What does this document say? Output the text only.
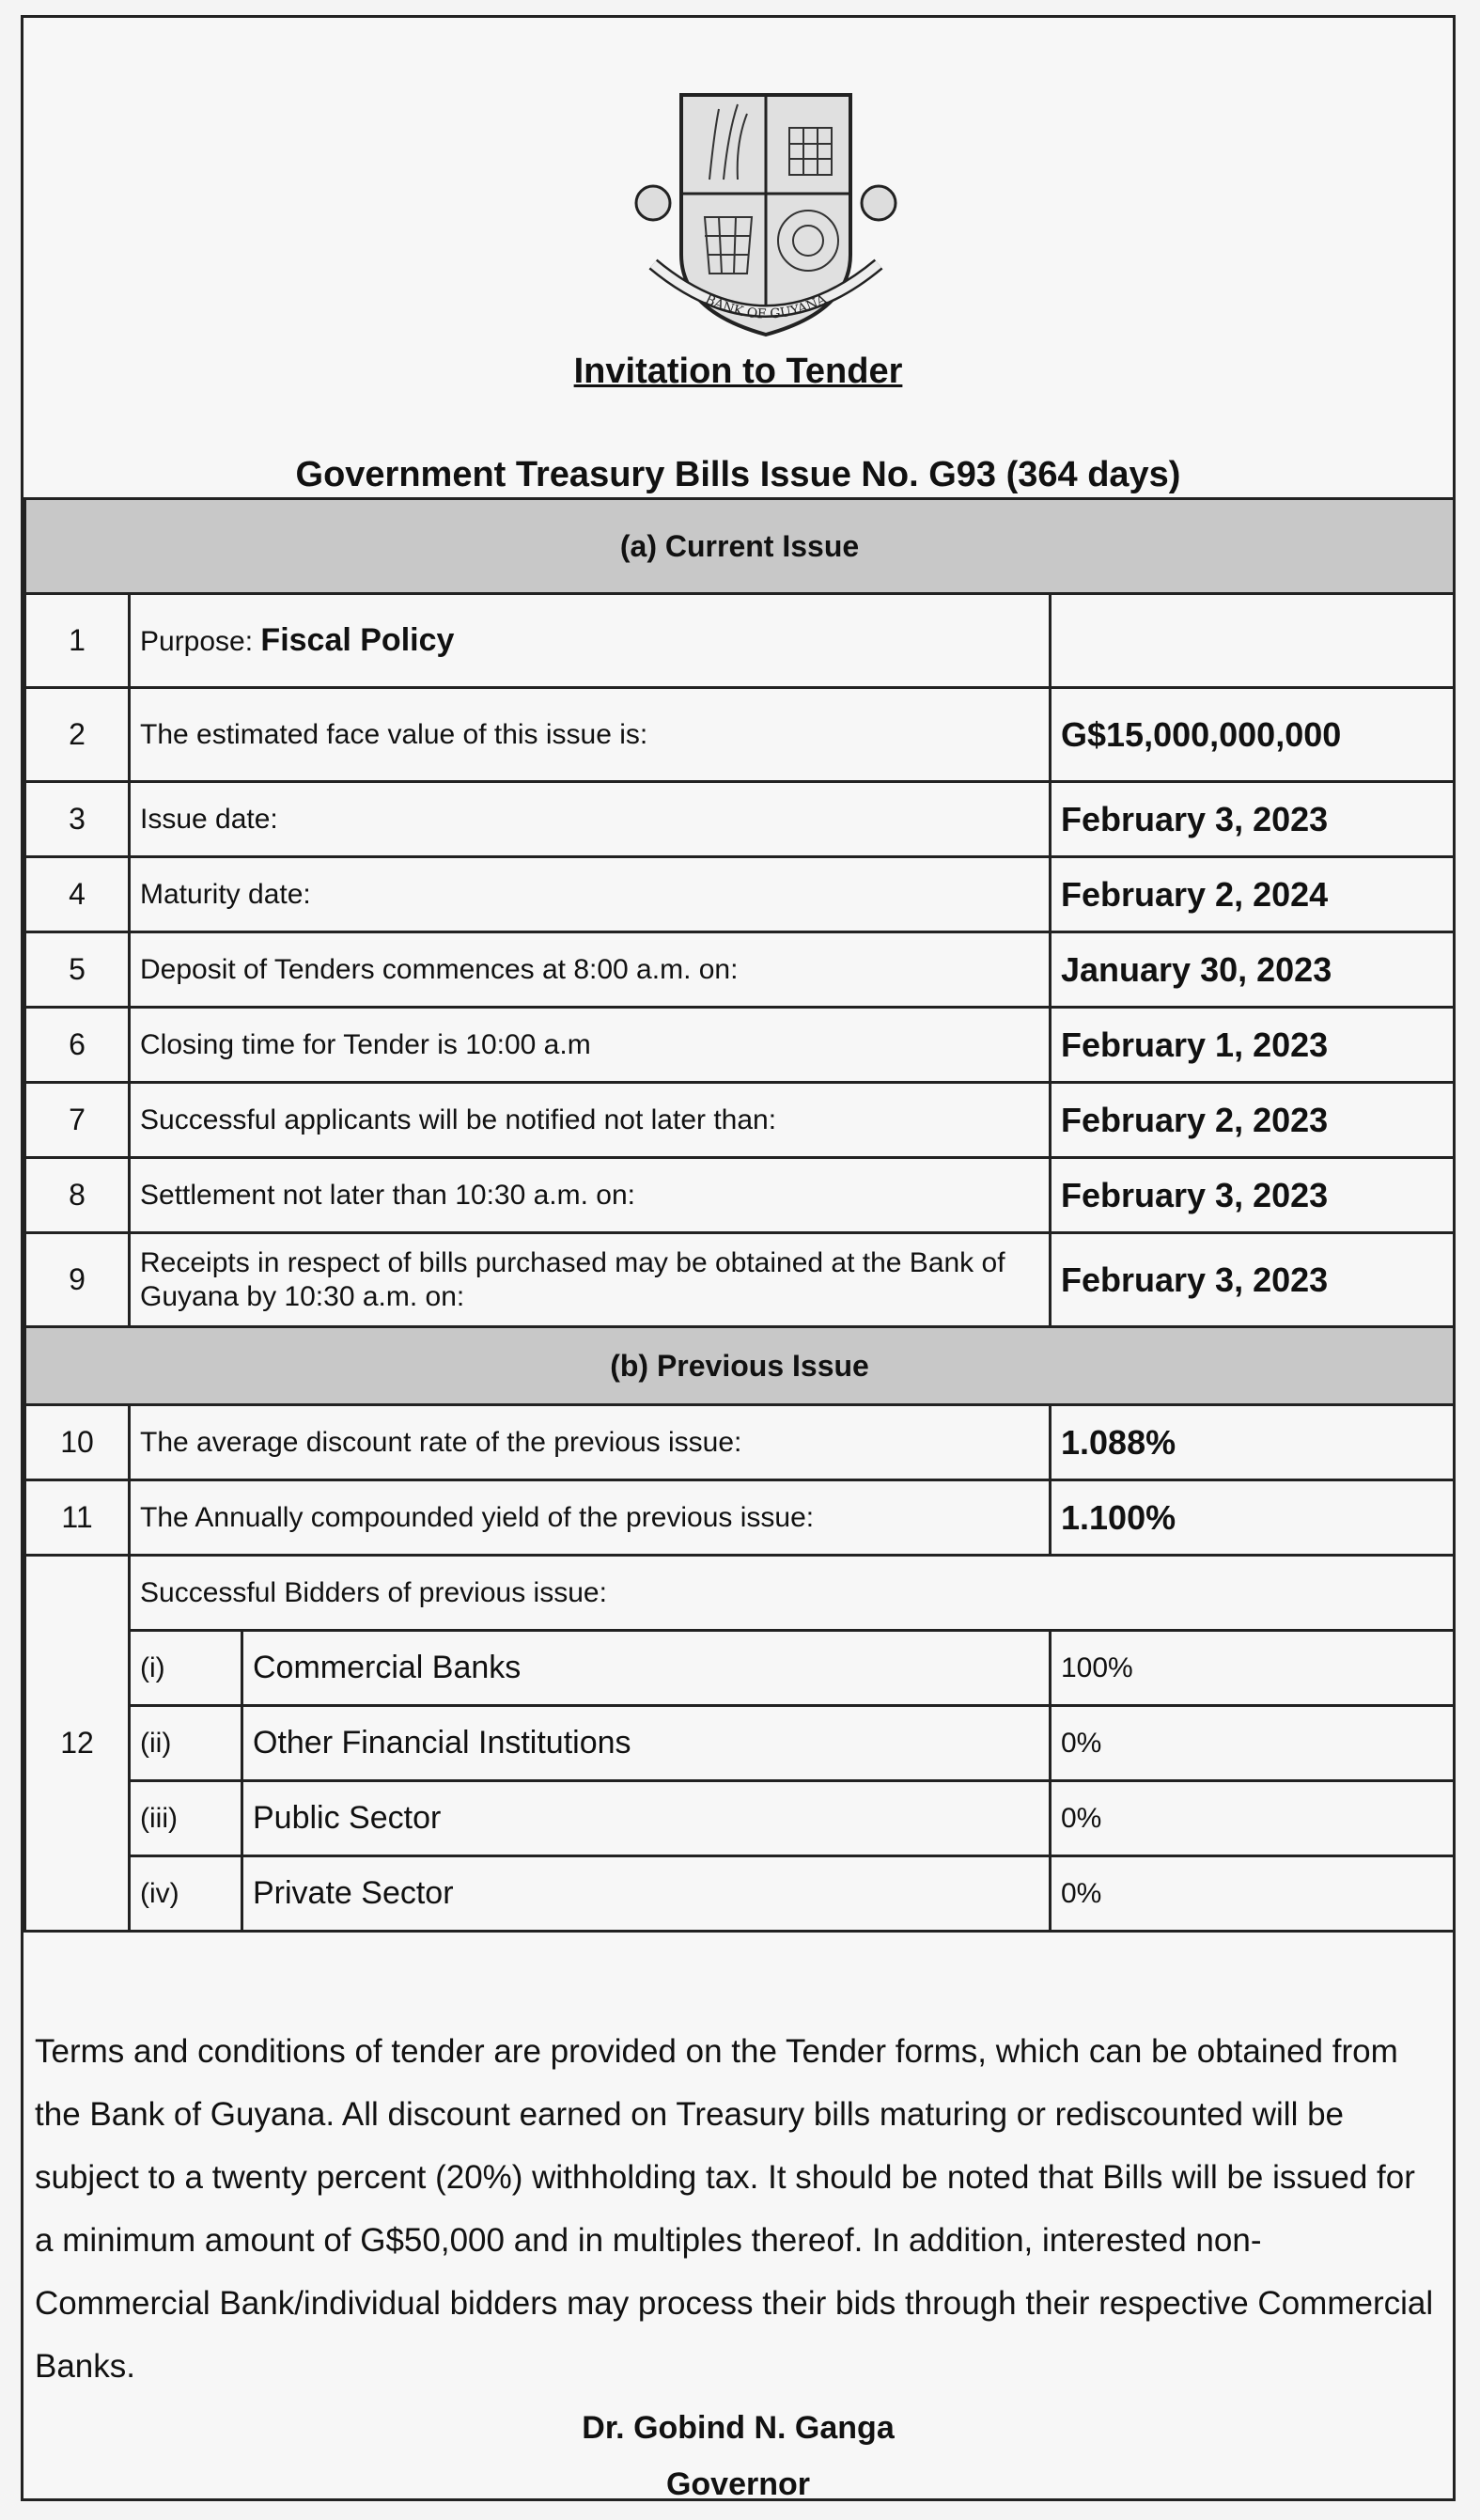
BANK OF GUYANA
Invitation to Tender
Government Treasury Bills Issue No. G93 (364 days)
(a) Current Issue			
1	Purpose: Fiscal Policy		
2	The estimated face value of this issue is:		G$15,000,000,000
3	Issue date:		February 3, 2023
4	Maturity date:		February 2, 2024
5	Deposit of Tenders commences at 8:00 a.m. on:		January 30, 2023
6	Closing time for Tender is 10:00 a.m		February 1, 2023
7	Successful applicants will be notified not later than:		February 2, 2023
8	Settlement not later than 10:30 a.m. on:		February 3, 2023
9	Receipts in respect of bills purchased may be obtained at the Bank of Guyana by 10:30 a.m. on:		February 3, 2023
(b) Previous Issue			
10	The average discount rate of the previous issue:		1.088%
11	The Annually compounded yield of the previous issue:		1.100%
12	Successful Bidders of previous issue:		
	(i)	Commercial Banks	100%
	(ii)	Other Financial Institutions	0%
	(iii)	Public Sector	0%
	(iv)	Private Sector	0%
Terms and conditions of tender are provided on the Tender forms, which can be obtained from the Bank of Guyana. All discount earned on Treasury bills maturing or rediscounted will be subject to a twenty percent (20%) withholding tax. It should be noted that Bills will be issued for a minimum amount of G$50,000 and in multiples thereof. In addition, interested non-Commercial Bank/individual bidders may process their bids through their respective Commercial Banks.
Dr. Gobind N. Ganga
Governor
